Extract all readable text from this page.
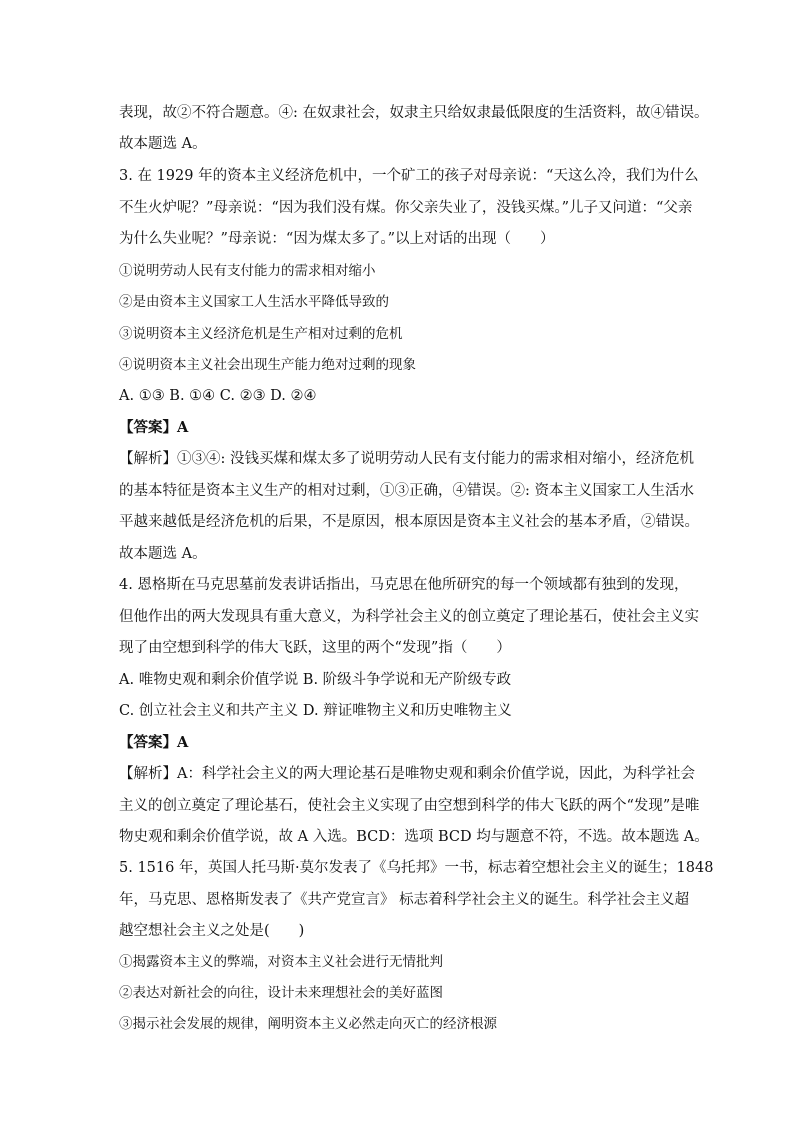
表现，故②不符合题意。④: 在奴隶社会，奴隶主只给奴隶最低限度的生活资料，故④错误。
故本题选 A。
3. 在 1929 年的资本主义经济危机中，一个矿工的孩子对母亲说：“天这么冷，我们为什么
不生火炉呢？”母亲说：“因为我们没有煤。你父亲失业了，没钱买煤。”儿子又问道：“父亲
为什么失业呢？”母亲说：“因为煤太多了。”以上对话的出现（　　）
①说明劳动人民有支付能力的需求相对缩小
②是由资本主义国家工人生活水平降低导致的
③说明资本主义经济危机是生产相对过剩的危机
④说明资本主义社会出现生产能力绝对过剩的现象
A. ①③ B. ①④ C. ②③ D. ②④
【答案】A
【解析】①③④: 没钱买煤和煤太多了说明劳动人民有支付能力的需求相对缩小，经济危机
的基本特征是资本主义生产的相对过剩，①③正确，④错误。②: 资本主义国家工人生活水
平越来越低是经济危机的后果，不是原因，根本原因是资本主义社会的基本矛盾，②错误。
故本题选 A。
4. 恩格斯在马克思墓前发表讲话指出，马克思在他所研究的每一个领域都有独到的发现，
但他作出的两大发现具有重大意义，为科学社会主义的创立奠定了理论基石，使社会主义实
现了由空想到科学的伟大飞跃，这里的两个“发现”指（　　）
A. 唯物史观和剩余价值学说 B. 阶级斗争学说和无产阶级专政
C. 创立社会主义和共产主义 D. 辩证唯物主义和历史唯物主义
【答案】A
【解析】A：科学社会主义的两大理论基石是唯物史观和剩余价值学说，因此，为科学社会
主义的创立奠定了理论基石，使社会主义实现了由空想到科学的伟大飞跃的两个“发现”是唯
物史观和剩余价值学说，故 A 入选。BCD：选项 BCD 均与题意不符，不选。故本题选 A。
5. 1516 年，英国人托马斯·莫尔发表了《乌托邦》一书，标志着空想社会主义的诞生；1848
年，马克思、恩格斯发表了《共产党宣言》 标志着科学社会主义的诞生。科学社会主义超
越空想社会主义之处是(　　)
①揭露资本主义的弊端，对资本主义社会进行无情批判
②表达对新社会的向往，设计未来理想社会的美好蓝图
③揭示社会发展的规律，阐明资本主义必然走向灭亡的经济根源
